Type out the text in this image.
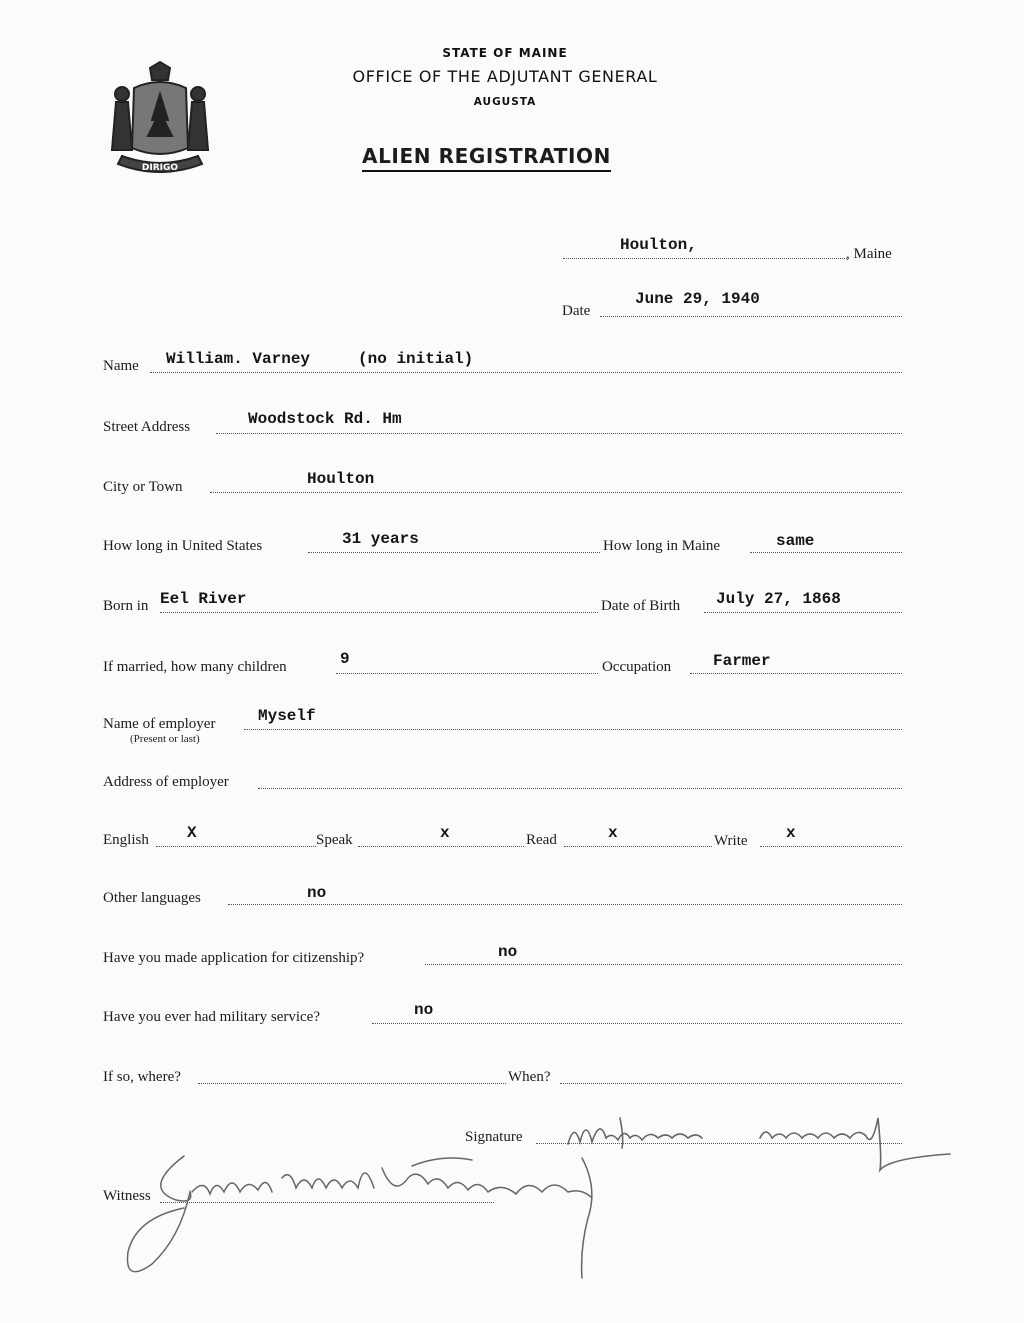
DIRIGO
STATE OF MAINE
OFFICE OF THE ADJUTANT GENERAL
AUGUSTA
ALIEN REGISTRATION
Houlton,	, Maine
Date
June 29, 1940
Name William. Varney     (no initial)
Street Address	Woodstock Rd. Hm
City or Town	Houlton
How long in United States	31 years	How long in Maine	same
Born in Eel River	Date of Birth July 27, 1868
If married, how many children	9	Occupation	Farmer
Name of employer
(Present or last)
Myself
Address of employer
English X	Speak	x	Read	x	Write x
Other languages	no
Have you made application for citizenship?	no
Have you ever had military service?	no
If so, where?	When?
Signature
Witness
